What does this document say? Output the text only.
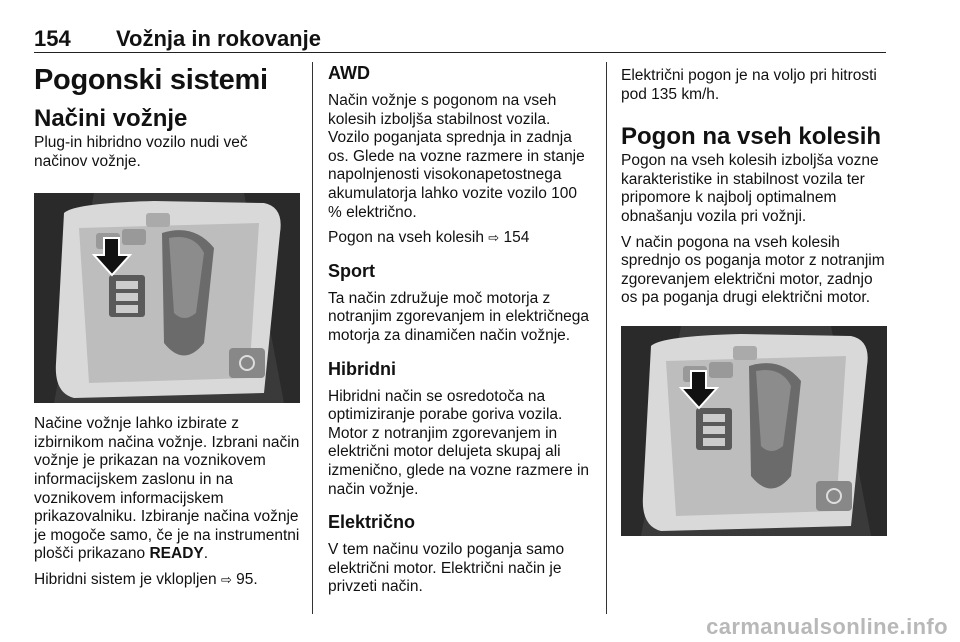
154 Vožnja in rokovanje
Pogonski sistemi
Načini vožnje

Plug-in hibridno vozilo nudi več načinov vožnje.

Načine vožnje lahko izbirate z izbirnikom načina vožnje. Izbrani način vožnje je prikazan na voznikovem informacijskem zaslonu in na voznikovem informacijskem prikazovalniku. Izbiranje načina vožnje je mogoče samo, če je na instrumentni plošči prikazano READY.

Hibridni sistem je vklopljen ⇨ 95.

AWD

Način vožnje s pogonom na vseh kolesih izboljša stabilnost vozila. Vozilo poganjata sprednja in zadnja os. Glede na vozne razmere in stanje napolnjenosti visokonapetostnega akumulatorja lahko vozite vozilo 100 % električno.

Pogon na vseh kolesih ⇨ 154

Sport

Ta način združuje moč motorja z notranjim zgorevanjem in električnega motorja za dinamičen način vožnje.

Hibridni

Hibridni način se osredotoča na optimiziranje porabe goriva vozila. Motor z notranjim zgorevanjem in električni motor delujeta skupaj ali izmenično, glede na vozne razmere in način vožnje.

Električno

V tem načinu vozilo poganja samo električni motor. Električni način je privzeti način.

Električni pogon je na voljo pri hitrosti pod 135 km/h.

Pogon na vseh kolesih

Pogon na vseh kolesih izboljša vozne karakteristike in stabilnost vozila ter pripomore k najbolj optimalnem obnašanju vozila pri vožnji.

V način pogona na vseh kolesih sprednjo os poganja motor z notranjim zgorevanjem električni motor, zadnjo os pa poganja drugi električni motor.

carmanualsonline.info
